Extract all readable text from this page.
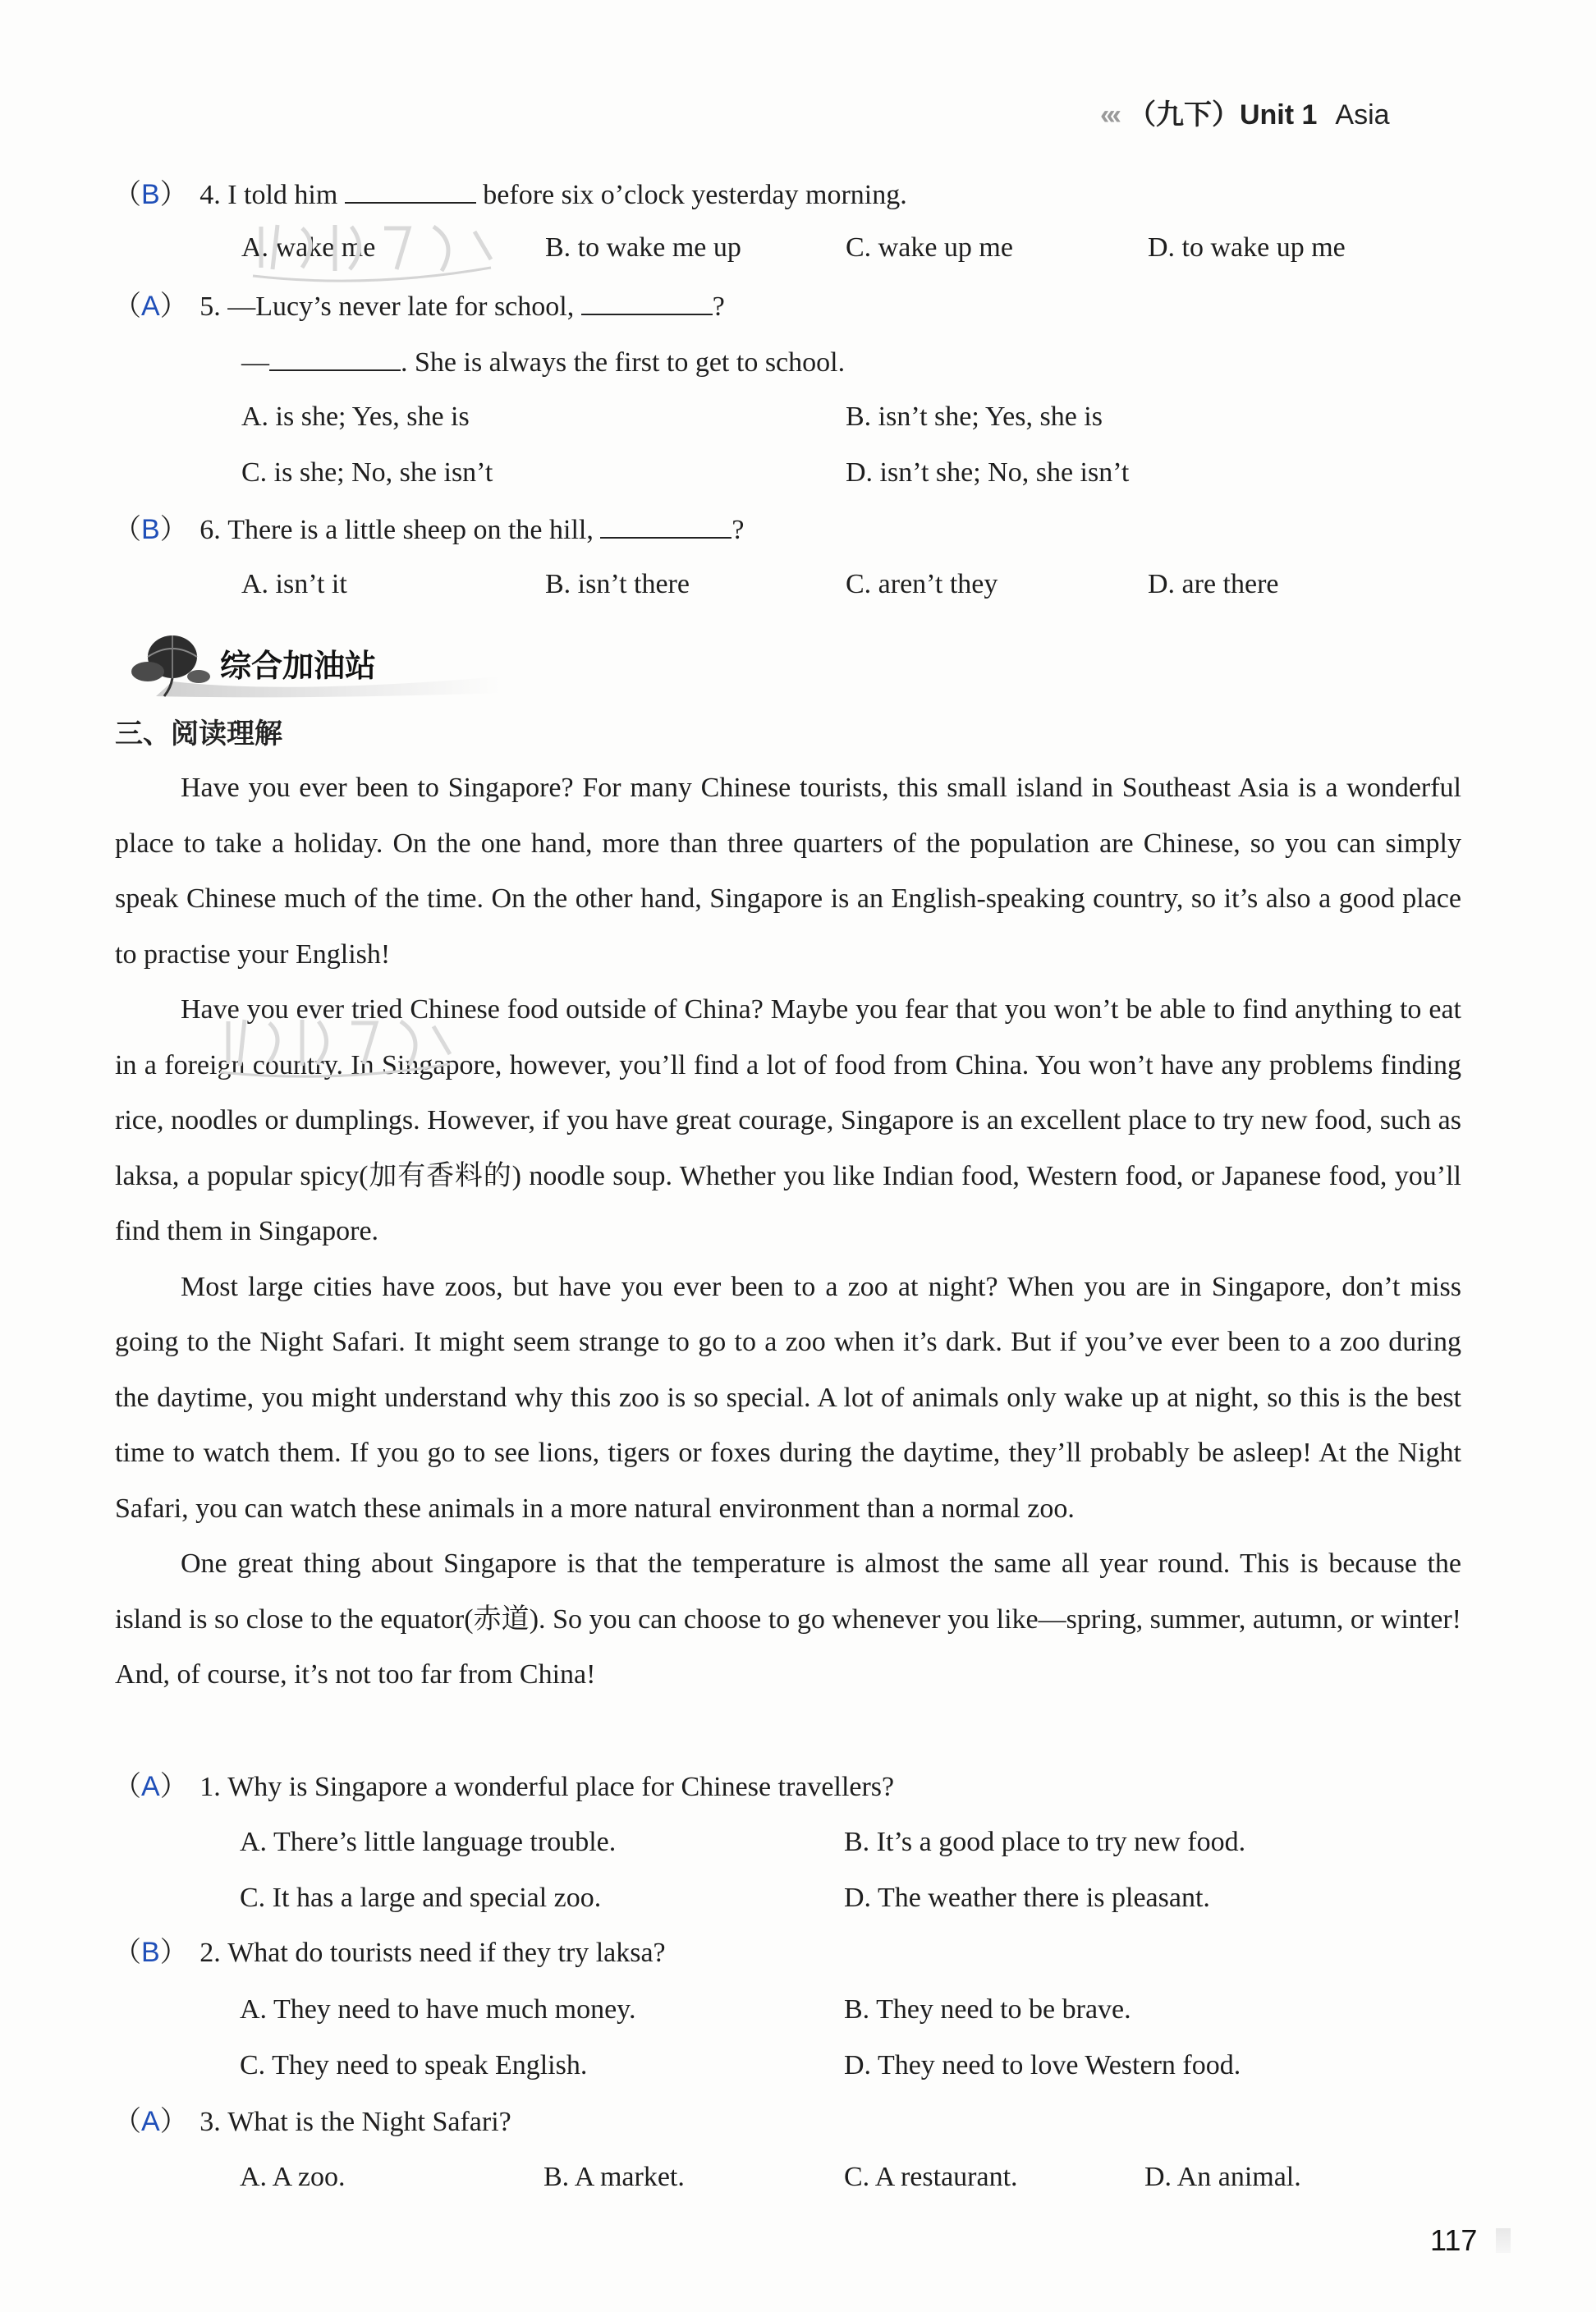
‹‹‹ （九下）Unit 1 Asia
（B） 4. I told him	before six o’clock yesterday morning.
A. wake me	B. to wake me up	C. wake up me	D. to wake up me
（A） 5. —Lucy’s never late for school,	?
—	. She is always the first to get to school.
A. is she; Yes, she is	B. isn’t she; Yes, she is
C. is she; No, she isn’t	D. isn’t she; No, she isn’t
（B） 6. There is a little sheep on the hill,	?
A. isn’t it	B. isn’t there	C. aren’t they	D. are there
综合加油站
三、阅读理解

Have you ever been to Singapore? For many Chinese tourists, this small island in Southeast Asia is a wonderful place to take a holiday. On the one hand, more than three quarters of the population are Chinese, so you can simply speak Chinese much of the time. On the other hand, Singapore is an English-speaking country, so it’s also a good place to practise your English!

Have you ever tried Chinese food outside of China? Maybe you fear that you won’t be able to find anything to eat in a foreign country. In Singapore, however, you’ll find a lot of food from China. You won’t have any problems finding rice, noodles or dumplings. However, if you have great courage, Singapore is an excellent place to try new food, such as laksa, a popular spicy(加有香料的) noodle soup. Whether you like Indian food, Western food, or Japanese food, you’ll find them in Singapore.

Most large cities have zoos, but have you ever been to a zoo at night? When you are in Singapore, don’t miss going to the Night Safari. It might seem strange to go to a zoo when it’s dark. But if you’ve ever been to a zoo during the daytime, you might understand why this zoo is so special. A lot of animals only wake up at night, so this is the best time to watch them. If you go to see lions, tigers or foxes during the daytime, they’ll probably be asleep! At the Night Safari, you can watch these animals in a more natural environment than a normal zoo.

One great thing about Singapore is that the temperature is almost the same all year round. This is because the island is so close to the equator(赤道). So you can choose to go whenever you like—spring, summer, autumn, or winter! And, of course, it’s not too far from China!

（A） 1. Why is Singapore a wonderful place for Chinese travellers?
A. There’s little language trouble.	B. It’s a good place to try new food.
C. It has a large and special zoo.	D. The weather there is pleasant.
（B） 2. What do tourists need if they try laksa?
A. They need to have much money.	B. They need to be brave.
C. They need to speak English.	D. They need to love Western food.
（A） 3. What is the Night Safari?
A. A zoo.	B. A market.	C. A restaurant.	D. An animal.
117
